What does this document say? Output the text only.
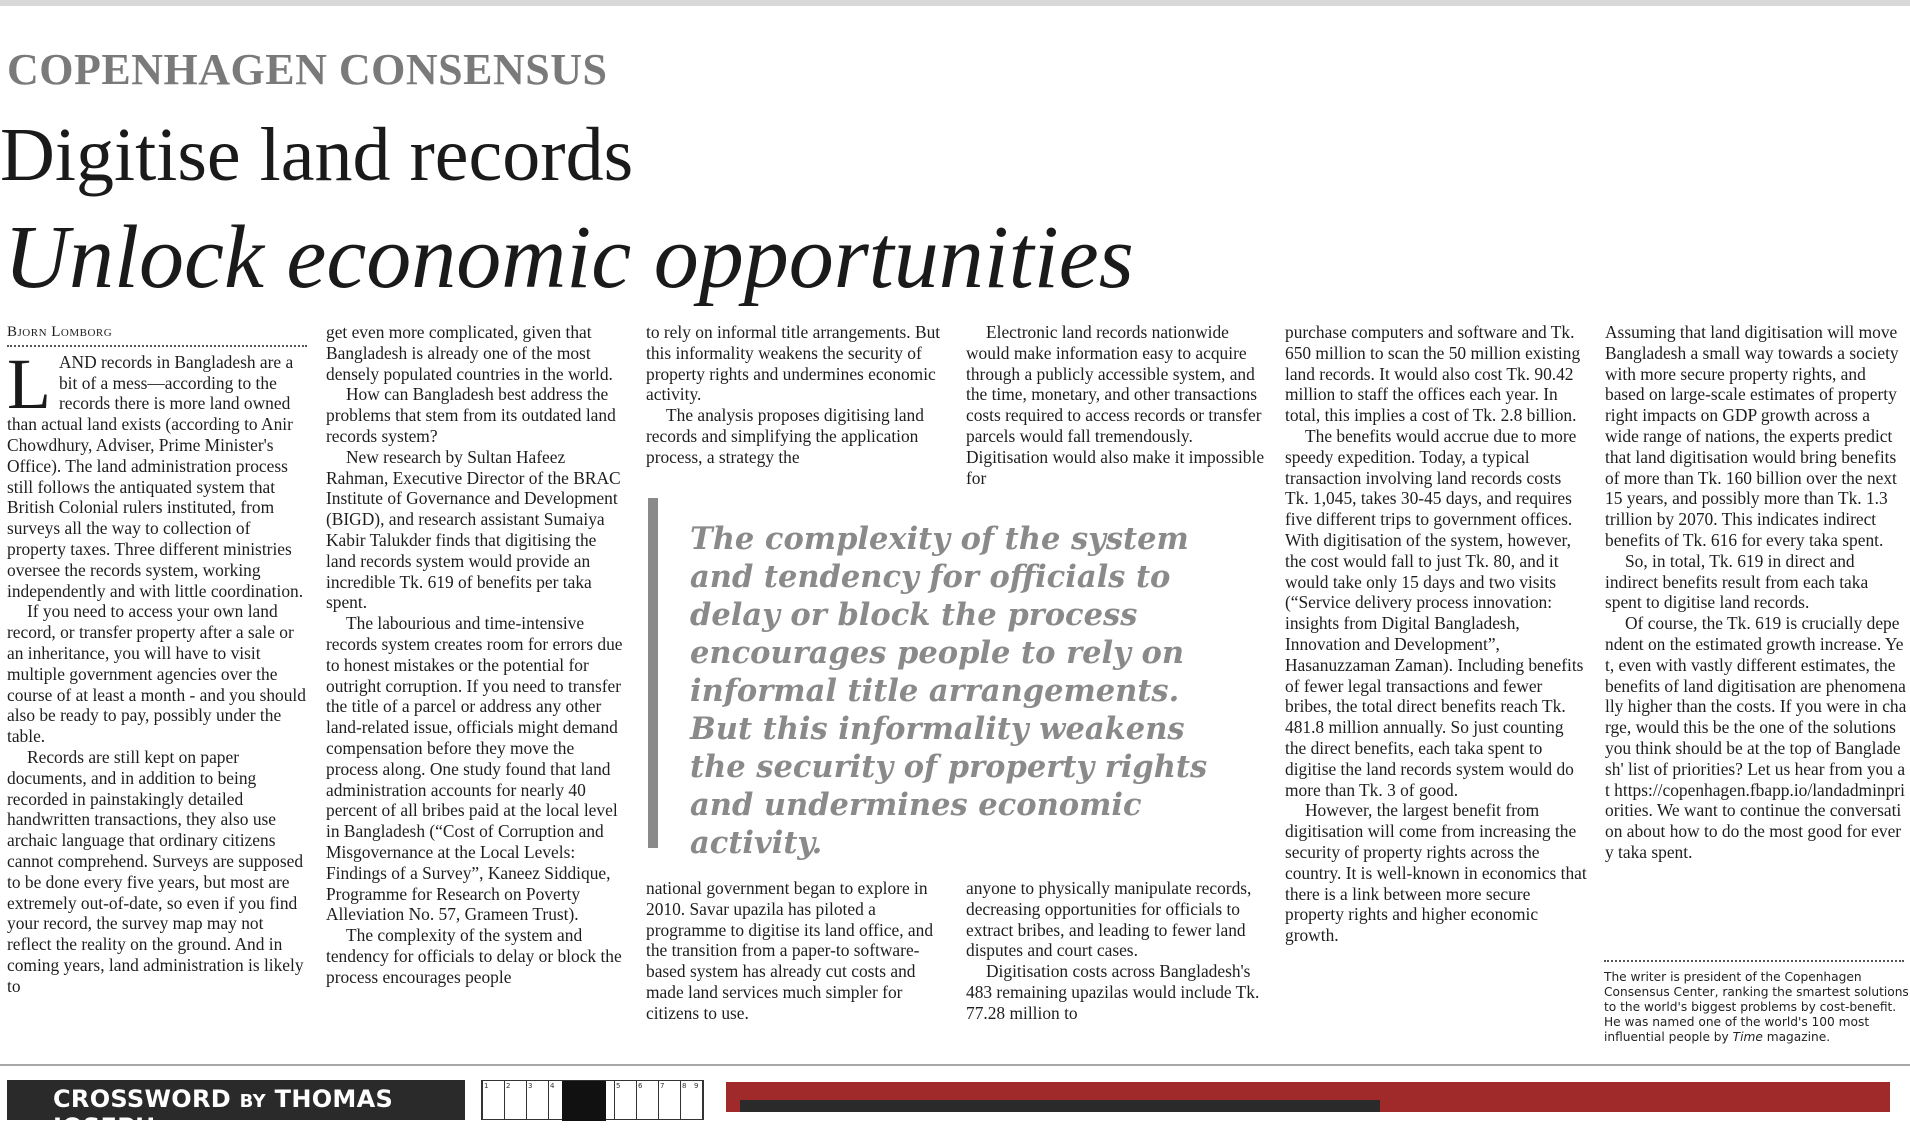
COPENHAGEN CONSENSUS
Digitise land records
Unlock economic opportunities
Bjorn Lomborg

LAND records in Bangladesh are a bit of a mess—according to the records there is more land owned than actual land exists (according to Anir Chowdhury, Adviser, Prime Minister's Office). The land administration process still follows the antiquated system that British Colonial rulers instituted, from surveys all the way to collection of property taxes. Three different ministries oversee the records system, working independently and with little coordination.

If you need to access your own land record, or transfer property after a sale or an inheritance, you will have to visit multiple government agencies over the course of at least a month - and you should also be ready to pay, possibly under the table.

Records are still kept on paper documents, and in addition to being recorded in painstakingly detailed handwritten transactions, they also use archaic language that ordinary citizens cannot comprehend. Surveys are supposed to be done every five years, but most are extremely out-of-date, so even if you find your record, the survey map may not reflect the reality on the ground. And in coming years, land administration is likely to

get even more complicated, given that Bangladesh is already one of the most densely populated countries in the world.

How can Bangladesh best address the problems that stem from its outdated land records system?

New research by Sultan Hafeez Rahman, Executive Director of the BRAC Institute of Governance and Development (BIGD), and research assistant Sumaiya Kabir Talukder finds that digitising the land records system would provide an incredible Tk. 619 of benefits per taka spent.

The labourious and time-intensive records system creates room for errors due to honest mistakes or the potential for outright corruption. If you need to transfer the title of a parcel or address any other land-related issue, officials might demand compensation before they move the process along. One study found that land administration accounts for nearly 40 percent of all bribes paid at the local level in Bangladesh (“Cost of Corruption and Misgovernance at the Local Levels: Findings of a Survey”, Kaneez Siddique, Programme for Research on Poverty Alleviation No. 57, Grameen Trust).

The complexity of the system and tendency for officials to delay or block the process encourages people

to rely on informal title arrangements. But this informality weakens the security of property rights and undermines economic activity.

The analysis proposes digitising land records and simplifying the application process, a strategy the

Electronic land records nationwide would make information easy to acquire through a publicly accessible system, and the time, monetary, and other transactions costs required to access records or transfer parcels would fall tremendously. Digitisation would also make it impossible for

The complexity of the system and tendency for officials to delay or block the process encourages people to rely on informal title arrangements. But this informality weakens the security of property rights and undermines economic activity.

national government began to explore in 2010. Savar upazila has piloted a programme to digitise its land office, and the transition from a paper-to software-based system has already cut costs and made land services much simpler for citizens to use.

anyone to physically manipulate records, decreasing opportunities for officials to extract bribes, and leading to fewer land disputes and court cases.

Digitisation costs across Bangladesh's 483 remaining upazilas would include Tk. 77.28 million to

purchase computers and software and Tk. 650 million to scan the 50 million existing land records. It would also cost Tk. 90.42 million to staff the offices each year. In total, this implies a cost of Tk. 2.8 billion.

The benefits would accrue due to more speedy expedition. Today, a typical transaction involving land records costs Tk. 1,045, takes 30-45 days, and requires five different trips to government offices. With digitisation of the system, however, the cost would fall to just Tk. 80, and it would take only 15 days and two visits (“Service delivery process innovation: insights from Digital Bangladesh, Innovation and Development”, Hasanuzzaman Zaman). Including benefits of fewer legal transactions and fewer bribes, the total direct benefits reach Tk. 481.8 million annually. So just counting the direct benefits, each taka spent to digitise the land records system would do more than Tk. 3 of good.

However, the largest benefit from digitisation will come from increasing the security of property rights across the country. It is well-known in economics that there is a link between more secure property rights and higher economic growth.

Assuming that land digitisation will move Bangladesh a small way towards a society with more secure property rights, and based on large-scale estimates of property right impacts on GDP growth across a wide range of nations, the experts predict that land digitisation would bring benefits of more than Tk. 160 billion over the next 15 years, and possibly more than Tk. 1.3 trillion by 2070. This indicates indirect benefits of Tk. 616 for every taka spent.

So, in total, Tk. 619 in direct and indirect benefits result from each taka spent to digitise land records.

Of course, the Tk. 619 is crucially dependent on the estimated growth increase. Yet, even with vastly different estimates, the benefits of land digitisation are phenomenally higher than the costs. If you were in charge, would this be the one of the solutions you think should be at the top of Bangladesh' list of priorities? Let us hear from you at https://copenhagen.fbapp.io/landadminpriorities. We want to continue the conversation about how to do the most good for every taka spent.

The writer is president of the Copenhagen Consensus Center, ranking the smartest solutions to the world's biggest problems by cost-benefit. He was named one of the world's 100 most influential people by Time magazine.
CROSSWORD BY THOMAS JOSEPH
1	2	3	4	5	6	7	8 9
